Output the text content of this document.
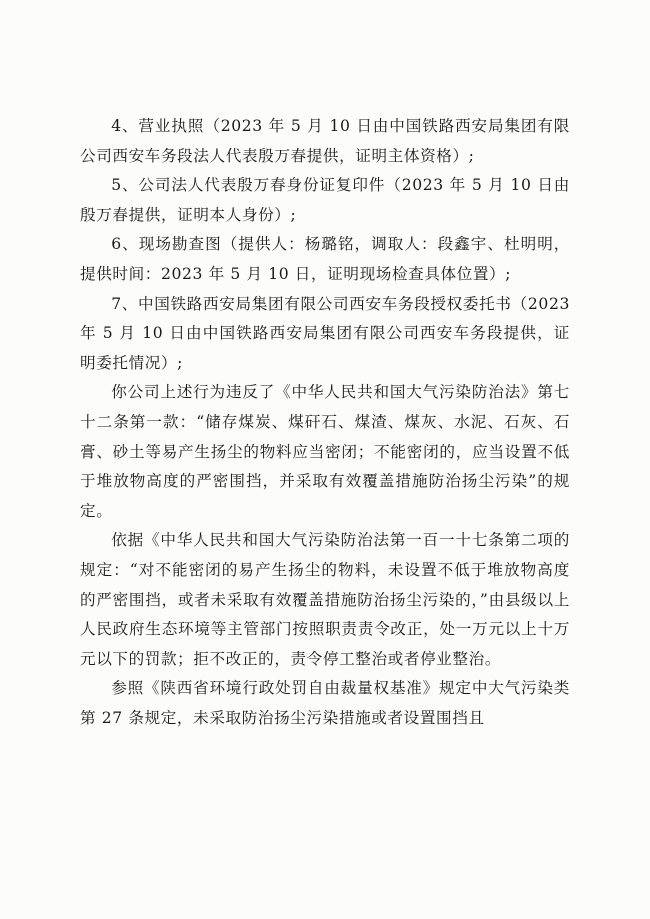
4、营业执照（2023 年 5 月 10 日由中国铁路西安局集团有限公司西安车务段法人代表殷万春提供，证明主体资格）;

5、公司法人代表殷万春身份证复印件（2023 年 5 月 10 日由殷万春提供，证明本人身份）;

6、现场勘查图（提供人：杨璐铭，调取人：段鑫宇、杜明明，提供时间：2023 年 5 月 10 日，证明现场检查具体位置）;

7、中国铁路西安局集团有限公司西安车务段授权委托书（2023 年 5 月 10 日由中国铁路西安局集团有限公司西安车务段提供，证明委托情况）;

你公司上述行为违反了《中华人民共和国大气污染防治法》第七十二条第一款：“储存煤炭、煤矸石、煤渣、煤灰、水泥、石灰、石膏、砂土等易产生扬尘的物料应当密闭；不能密闭的，应当设置不低于堆放物高度的严密围挡，并采取有效覆盖措施防治扬尘污染”的规定。

依据《中华人民共和国大气污染防治法第一百一十七条第二项的规定：“对不能密闭的易产生扬尘的物料，未设置不低于堆放物高度的严密围挡，或者未采取有效覆盖措施防治扬尘污染的，”由县级以上人民政府生态环境等主管部门按照职责责令改正，处一万元以上十万元以下的罚款；拒不改正的，责令停工整治或者停业整治。

参照《陕西省环境行政处罚自由裁量权基准》规定中大气污染类第 27 条规定，未采取防治扬尘污染措施或者设置围挡且
